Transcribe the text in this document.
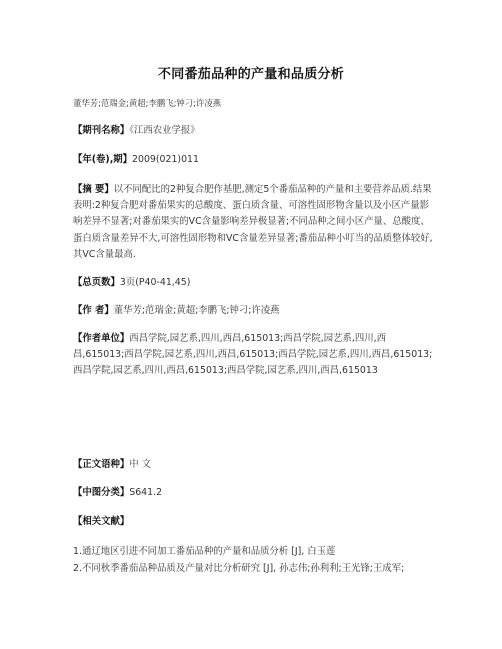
不同番茄品种的产量和品质分析
董华芳;范瑞金;黄超;李鹏飞;钟刁;许凌燕
【期刊名称】《江西农业学报》
【年(卷),期】2009(021)011
【摘 要】以不同配比的2种复合肥作基肥,测定5个番茄品种的产量和主要营养品质.结果表明:2种复合肥对番茄果实的总酸度、蛋白质含量、可溶性固形物含量以及小区产量影响差异不显著;对番茄果实的VC含量影响差异极显著;不同品种之间小区产量、总酸度、蛋白质含量差异不大,可溶性固形物和VC含量差异显著;番茄品种小叮当的品质整体较好,其VC含量最高.
【总页数】3页(P40-41,45)
【作 者】董华芳;范瑞金;黄超;李鹏飞;钟刁;许凌燕
【作者单位】西昌学院,园艺系,四川,西昌,615013;西昌学院,园艺系,四川,西昌,615013;西昌学院,园艺系,四川,西昌,615013;西昌学院,园艺系,四川,西昌,615013;西昌学院,园艺系,四川,西昌,615013;西昌学院,园艺系,四川,西昌,615013
【正文语种】中 文
【中图分类】S641.2
【相关文献】
1.通辽地区引进不同加工番茄品种的产量和品质分析 [J], 白玉莲
2.不同秋季番茄品种品质及产量对比分析研究 [J], 孙志伟;孙利利;王光锋;王成军;
